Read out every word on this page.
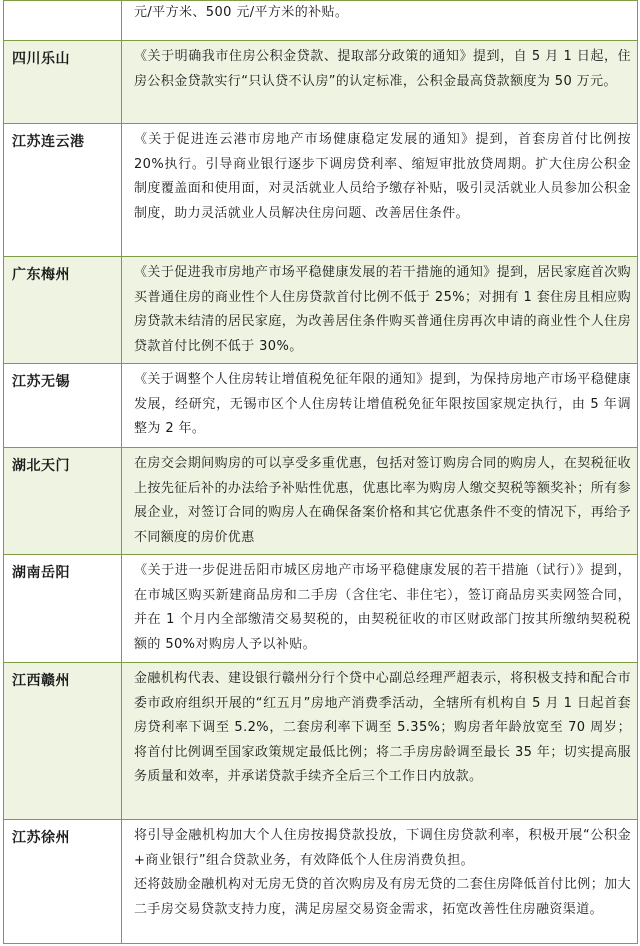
	元/平方米、500 元/平方米的补贴。

四川乐山	《关于明确我市住房公积金贷款、提取部分政策的通知》提到，自 5 月 1 日起，住房公积金贷款实行“只认贷不认房”的认定标准，公积金最高贷款额度为 50 万元。

江苏连云港	《关于促进连云港市房地产市场健康稳定发展的通知》提到，首套房首付比例按 20%执行。引导商业银行逐步下调房贷利率、缩短审批放贷周期。扩大住房公积金制度覆盖面和使用面，对灵活就业人员给予缴存补贴，吸引灵活就业人员参加公积金制度，助力灵活就业人员解决住房问题、改善居住条件。

广东梅州	《关于促进我市房地产市场平稳健康发展的若干措施的通知》提到，居民家庭首次购买普通住房的商业性个人住房贷款首付比例不低于 25%；对拥有 1 套住房且相应购房贷款未结清的居民家庭，为改善居住条件购买普通住房再次申请的商业性个人住房贷款首付比例不低于 30%。

江苏无锡	《关于调整个人住房转让增值税免征年限的通知》提到，为保持房地产市场平稳健康发展，经研究，无锡市区个人住房转让增值税免征年限按国家规定执行，由 5 年调整为 2 年。

湖北天门	在房交会期间购房的可以享受多重优惠，包括对签订购房合同的购房人，在契税征收上按先征后补的办法给予补贴性优惠，优惠比率为购房人缴交契税等额奖补；所有参展企业，对签订合同的购房人在确保备案价格和其它优惠条件不变的情况下，再给予不同额度的房价优惠

湖南岳阳	《关于进一步促进岳阳市城区房地产市场平稳健康发展的若干措施（试行）》提到，在市城区购买新建商品房和二手房（含住宅、非住宅），签订商品房买卖网签合同，并在 1 个月内全部缴清交易契税的，由契税征收的市区财政部门按其所缴纳契税税额的 50%对购房人予以补贴。

江西赣州	金融机构代表、建设银行赣州分行个贷中心副总经理严超表示，将积极支持和配合市委市政府组织开展的“红五月”房地产消费季活动，全辖所有机构自 5 月 1 日起首套房贷利率下调至 5.2%，二套房利率下调至 5.35%；购房者年龄放宽至 70 周岁；将首付比例调至国家政策规定最低比例；将二手房房龄调至最长 35 年；切实提高服务质量和效率，并承诺贷款手续齐全后三个工作日内放款。

江苏徐州	将引导金融机构加大个人住房按揭贷款投放，下调住房贷款利率，积极开展“公积金+商业银行”组合贷款业务，有效降低个人住房消费负担。
还将鼓励金融机构对无房无贷的首次购房及有房无贷的二套住房降低首付比例；加大二手房交易贷款支持力度，满足房屋交易资金需求，拓宽改善性住房融资渠道。
